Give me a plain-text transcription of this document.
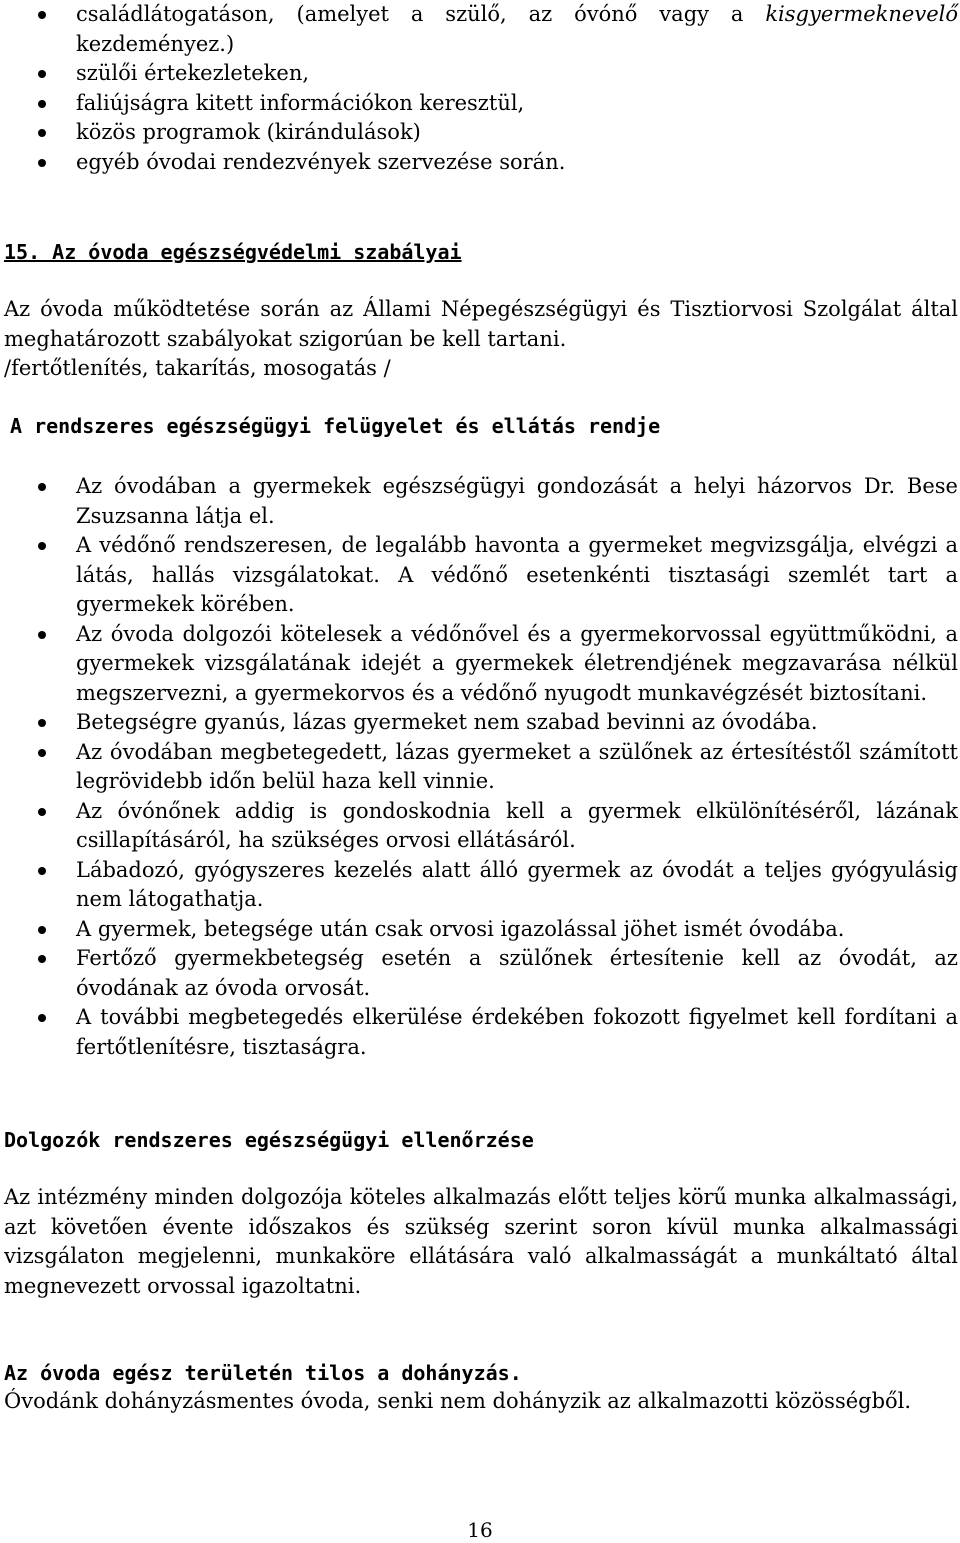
családlátogatáson, (amelyet a szülő, az óvónő vagy a kisgyermeknevelő kezdeményez.)
szülői értekezleteken,
faliújságra kitett információkon keresztül,
közös programok (kirándulások)
egyéb óvodai rendezvények szervezése során.
15. Az óvoda egészségvédelmi szabályai
Az óvoda működtetése során az Állami Népegészségügyi és Tisztiorvosi Szolgálat által meghatározott szabályokat szigorúan be kell tartani.
/fertőtlenítés, takarítás, mosogatás /
A rendszeres egészségügyi felügyelet és ellátás rendje
Az óvodában a gyermekek egészségügyi gondozását a helyi házorvos Dr. Bese Zsuzsanna látja el.
A védőnő rendszeresen, de legalább havonta a gyermeket megvizsgálja, elvégzi a látás, hallás vizsgálatokat. A védőnő esetenkénti tisztasági szemlét tart a gyermekek körében.
Az óvoda dolgozói kötelesek a védőnővel és a gyermekorvossal együttműködni, a gyermekek vizsgálatának idejét a gyermekek életrendjének megzavarása nélkül megszervezni, a gyermekorvos és a védőnő nyugodt munkavégzését biztosítani.
Betegségre gyanús, lázas gyermeket nem szabad bevinni az óvodába.
Az óvodában megbetegedett, lázas gyermeket a szülőnek az értesítéstől számított legrövidebb időn belül haza kell vinnie.
Az óvónőnek addig is gondoskodnia kell a gyermek elkülönítéséről, lázának csillapításáról, ha szükséges orvosi ellátásáról.
Lábadozó, gyógyszeres kezelés alatt álló gyermek az óvodát a teljes gyógyulásig nem látogathatja.
A gyermek, betegsége után csak orvosi igazolással jöhet ismét óvodába.
Fertőző gyermekbetegség esetén a szülőnek értesítenie kell az óvodát, az óvodának az óvoda orvosát.
A további megbetegedés elkerülése érdekében fokozott figyelmet kell fordítani a fertőtlenítésre, tisztaságra.
Dolgozók rendszeres egészségügyi ellenőrzése
Az intézmény minden dolgozója köteles alkalmazás előtt teljes körű munka alkalmassági, azt követően évente időszakos és szükség szerint soron kívül munka alkalmassági vizsgálaton megjelenni, munkaköre ellátására való alkalmasságát a munkáltató által megnevezett orvossal igazoltatni.
Az óvoda egész területén tilos a dohányzás.
Óvodánk dohányzásmentes óvoda, senki nem dohányzik az alkalmazotti közösségből.
16
